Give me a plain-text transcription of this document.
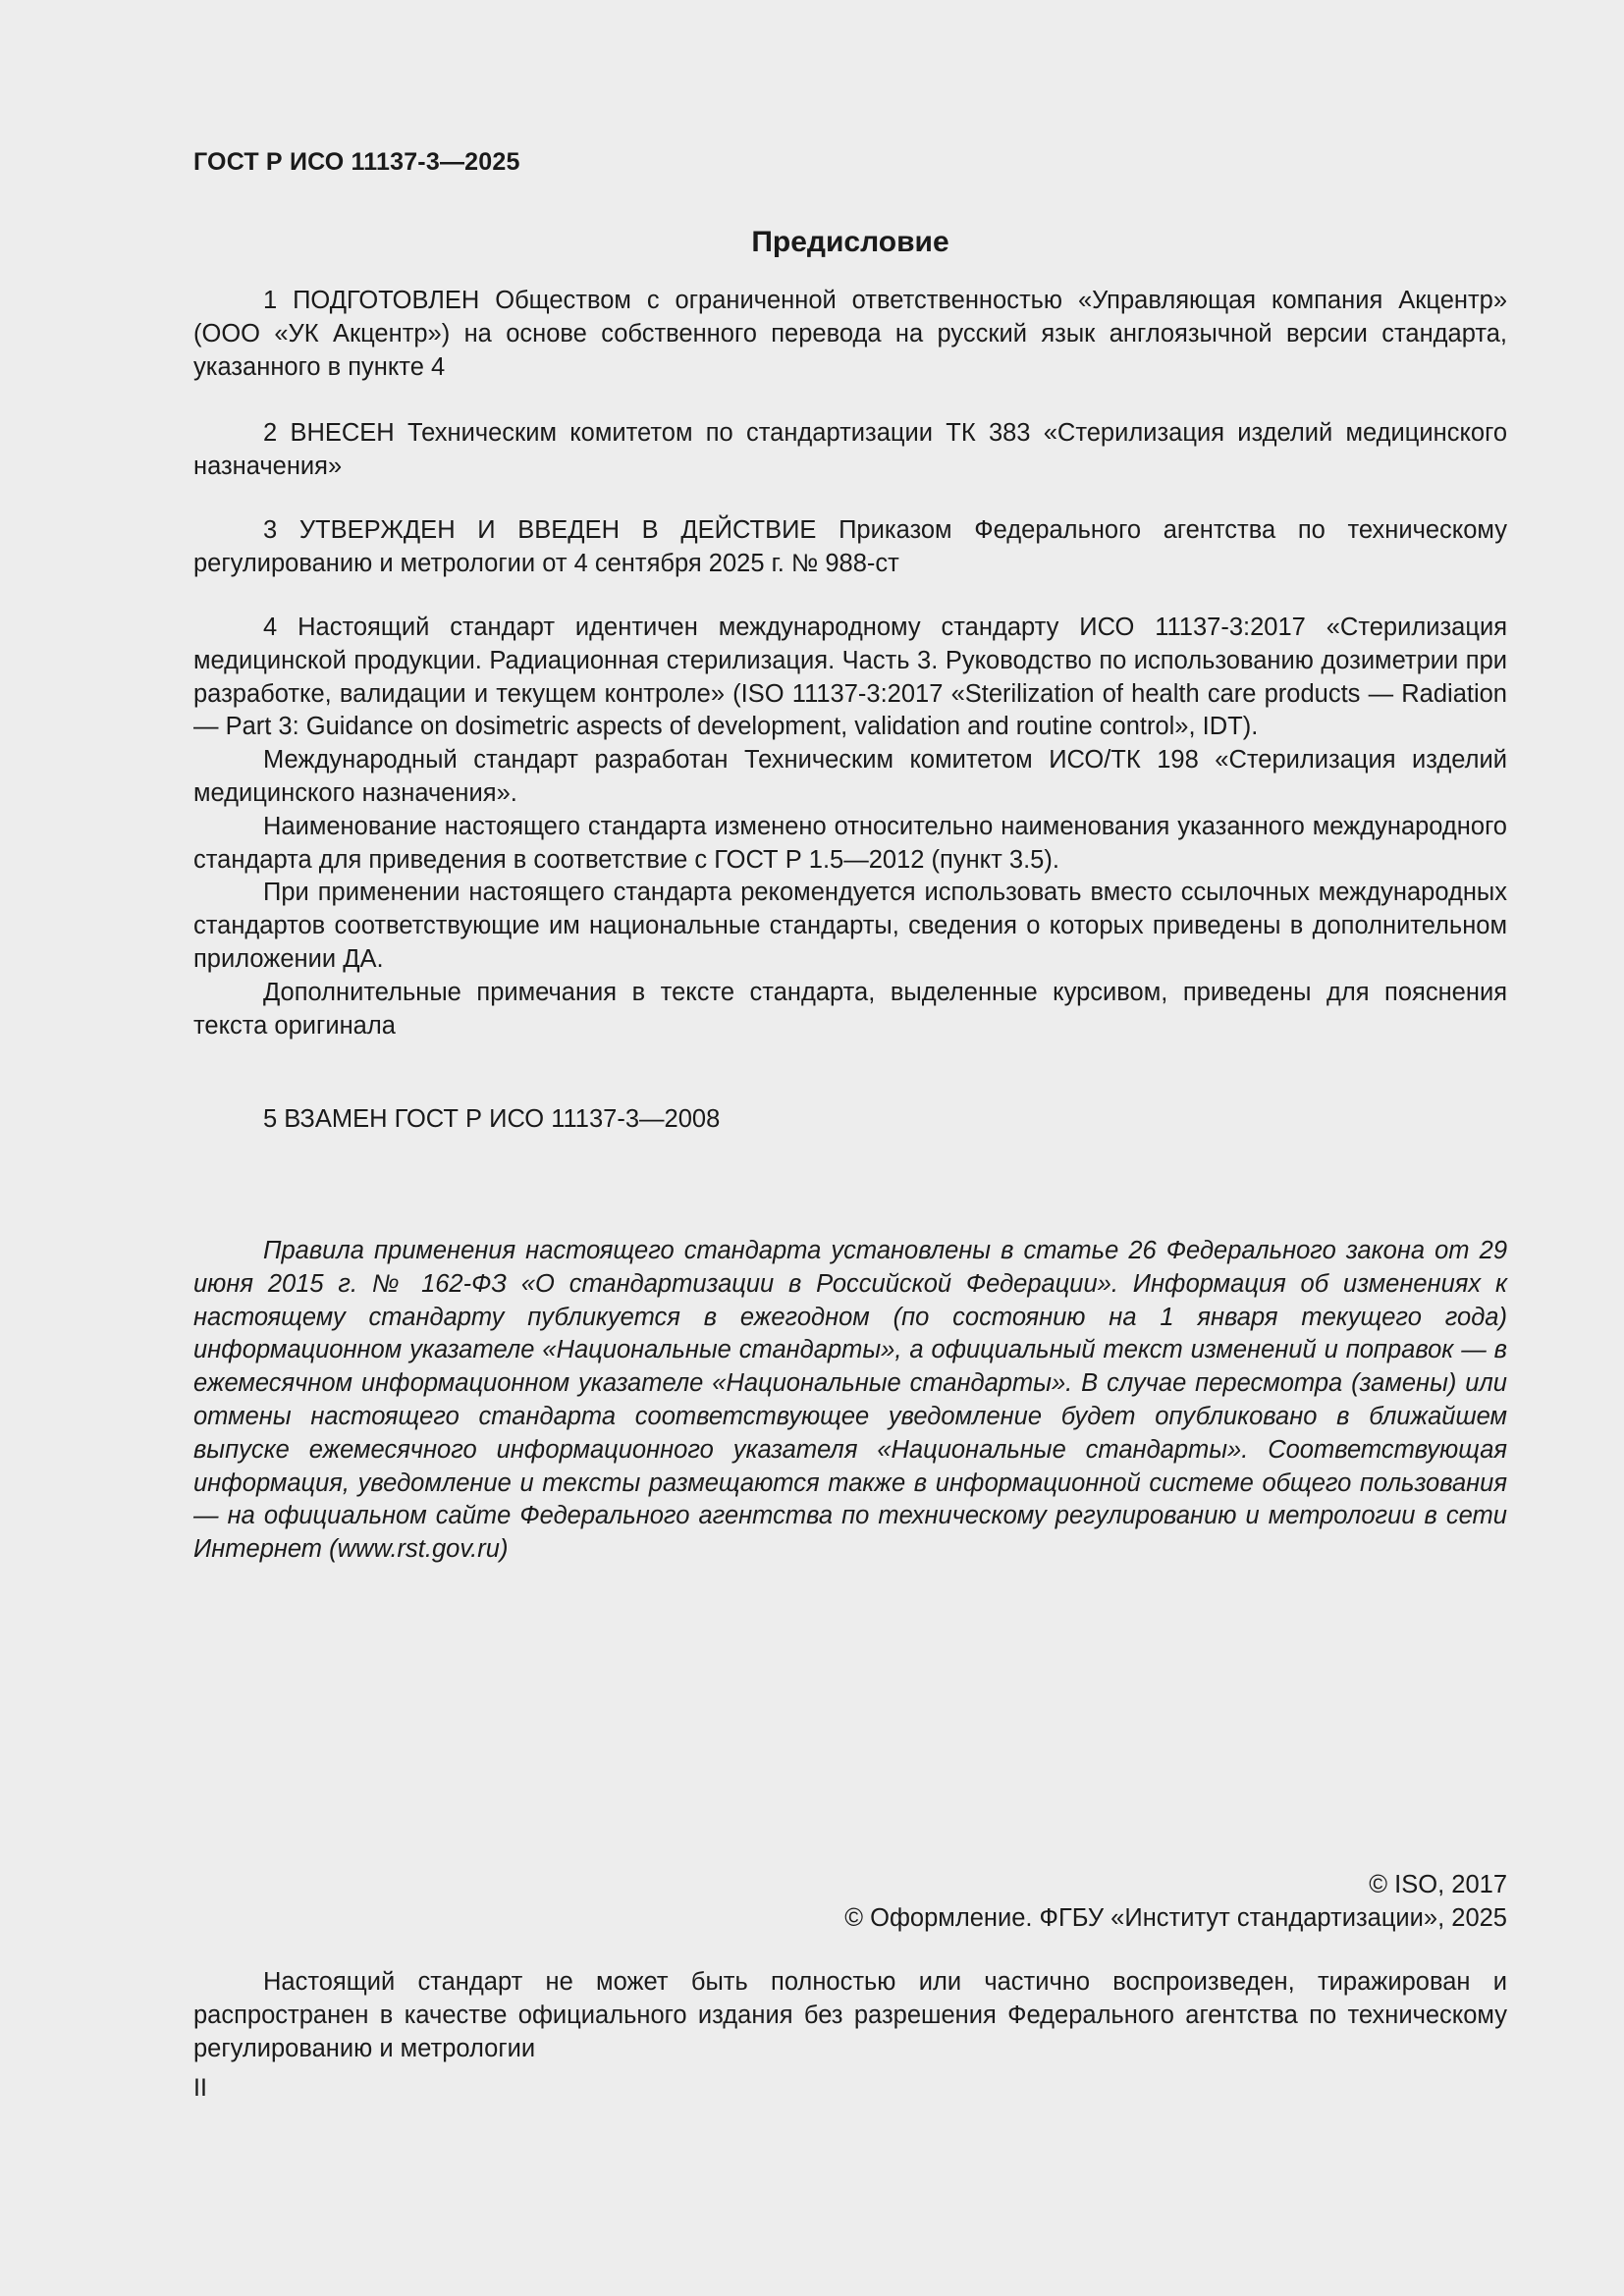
ГОСТ Р ИСО 11137-3—2025
Предисловие

1 ПОДГОТОВЛЕН Обществом с ограниченной ответственностью «Управляющая компания Акцентр» (ООО «УК Акцентр») на основе собственного перевода на русский язык англоязычной версии стандарта, указанного в пункте 4

2 ВНЕСЕН Техническим комитетом по стандартизации ТК 383 «Стерилизация изделий медицинского назначения»

3 УТВЕРЖДЕН И ВВЕДЕН В ДЕЙСТВИЕ Приказом Федерального агентства по техническому регулированию и метрологии от 4 сентября 2025 г. № 988-ст

4 Настоящий стандарт идентичен международному стандарту ИСО 11137-3:2017 «Стерилизация медицинской продукции. Радиационная стерилизация. Часть 3. Руководство по использованию дозиметрии при разработке, валидации и текущем контроле» (ISO 11137-3:2017 «Sterilization of health care products — Radiation — Part 3: Guidance on dosimetric aspects of development, validation and routine control», IDT).

Международный стандарт разработан Техническим комитетом ИСО/ТК 198 «Стерилизация изделий медицинского назначения».

Наименование настоящего стандарта изменено относительно наименования указанного международного стандарта для приведения в соответствие с ГОСТ Р 1.5—2012 (пункт 3.5).

При применении настоящего стандарта рекомендуется использовать вместо ссылочных международных стандартов соответствующие им национальные стандарты, сведения о которых приведены в дополнительном приложении ДА.

Дополнительные примечания в тексте стандарта, выделенные курсивом, приведены для пояснения текста оригинала

5 ВЗАМЕН ГОСТ Р ИСО 11137-3—2008

Правила применения настоящего стандарта установлены в статье 26 Федерального закона от 29 июня 2015 г. № 162-ФЗ «О стандартизации в Российской Федерации». Информация об изменениях к настоящему стандарту публикуется в ежегодном (по состоянию на 1 января текущего года) информационном указателе «Национальные стандарты», а официальный текст изменений и поправок — в ежемесячном информационном указателе «Национальные стандарты». В случае пересмотра (замены) или отмены настоящего стандарта соответствующее уведомление будет опубликовано в ближайшем выпуске ежемесячного информационного указателя «Национальные стандарты». Соответствующая информация, уведомление и тексты размещаются также в информационной системе общего пользования — на официальном сайте Федерального агентства по техническому регулированию и метрологии в сети Интернет (www.rst.gov.ru)

© ISO, 2017
© Оформление. ФГБУ «Институт стандартизации», 2025

Настоящий стандарт не может быть полностью или частично воспроизведен, тиражирован и распространен в качестве официального издания без разрешения Федерального агентства по техническому регулированию и метрологии

II
